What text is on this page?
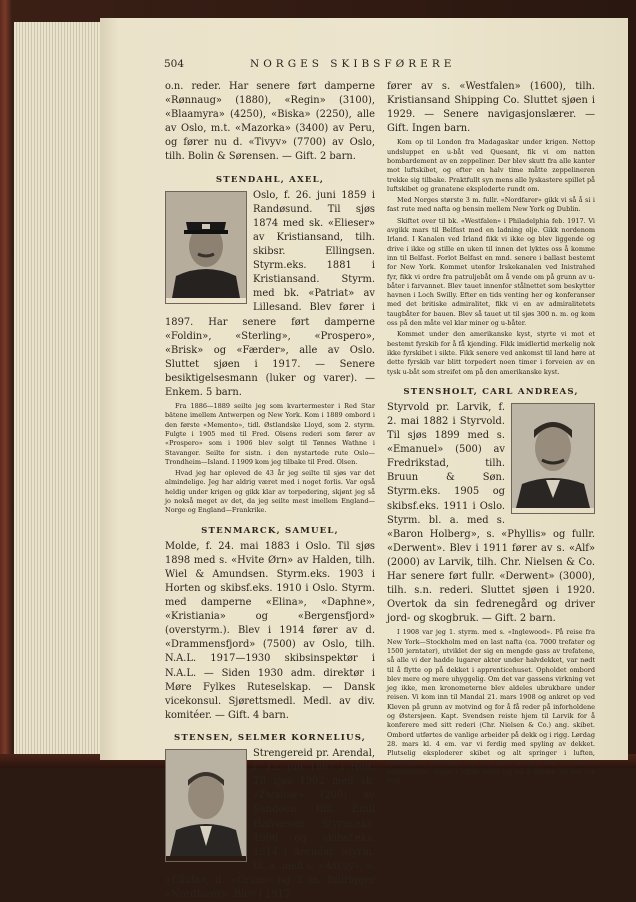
504	NORGES SKIBSFØRERE

o.n. reder. Har senere ført damperne «Rønnaug» (1880), «Regin» (3100), «Blaamyra» (4250), «Biska» (2250), alle av Oslo, m.t. «Mazorka» (3400) av Peru, og fører nu d. «Tivyv» (7700) av Oslo, tilh. Bolin & Sørensen. — Gift. 2 barn.

STENDAHL, AXEL,

Oslo, f. 26. juni 1859 i Randøsund. Til sjøs 1874 med sk. «Elieser» av Kristiansand, tilh. skibsr. Ellingsen. Styrm.eks. 1881 i Kristiansand. Styrm. med bk. «Patriat» av Lillesand. Blev fører i 1897. Har senere ført damperne «Foldin», «Sterling», «Prospero», «Brisk» og «Færder», alle av Oslo. Sluttet sjøen i 1917. — Senere besiktigelsesmann (luker og varer). — Enkem. 5 barn.

Fra 1886—1889 seilte jeg som kvartermester i Red Star bätene imellem Antwerpen og New York. Kom i 1889 ombord i den første «Memento», tidl. Østlandske Lloyd, som 2. styrm. Fulgte i 1905 med til Fred. Olsens rederi som fører av «Prospero» som i 1906 blev solgt til Tønnes Wathne i Stavanger. Seilte for sistn. i den nystartede rute Oslo—Trondheim—Island. I 1909 kom jeg tilbake til Fred. Olsen.

Hvad jeg har opleved de 43 år jeg seilte til sjøs var det almindelige. Jeg har aldrig været med i noget forlis. Var også heldig under krigen og gikk klar av torpedering, skjønt jeg så jo nokså meget av det, da jeg seilte mest imellem England—Norge og England—Frankrike.

STENMARCK, SAMUEL,

Molde, f. 24. mai 1883 i Oslo. Til sjøs 1898 med s. «Hvite Ørn» av Halden, tilh. Wiel & Amundsen. Styrm.eks. 1903 i Horten og skibsf.eks. 1910 i Oslo. Styrm. med damperne «Elina», «Daphne», «Kristiania» og «Bergensfjord» (overstyrm.). Blev i 1914 fører av d. «Drammensfjord» (7500) av Oslo, tilh. N.A.L. 1917—1930 skibsinspektør i N.A.L. — Siden 1930 adm. direktør i Møre Fylkes Ruteselskap. — Dansk vicekonsul. Sjørettsmedl. Medl. av div. komitéer. — Gift. 4 barn.

STENSEN, SELMER KORNELIUS,

Strengereid pr. Arendal, f. 12. juli 1887 i Holt. Til sjøs 1902 med sk. «Zwalow» (200) av Sandøen, tilh. Emil Halvorsen. Styrm.eks. 1906 og skibsf.eks. 1914 i Arendal. Styrm. bl. a. med s. «Askøy», s. «Ellida», d. «Orion» og 3 m. fullrigger «Nordfarer». Blev i 1917

fører av s. «Westfalen» (1600), tilh. Kristiansand Shipping Co. Sluttet sjøen i 1929. — Senere navigasjonslærer. — Gift. Ingen barn.

Kom op til London fra Madagaskar under krigen. Nettop undsluppet en u-båt ved Quesant, fik vi om natten bombardement av en zeppeliner. Der blev skutt fra alle kanter mot luftskibet, og efter en halv time måtte zeppelineren trekke sig tilbake. Praktfullt syn mens alle lyskastere spillet på luftskibet og granatene eksploderte rundt om.

Med Norges største 3 m. fullr. «Nordfarer» gikk vi så å si i fast rute med nafta og bensin mellem New York og Dublin.

Skiftet over til bk. «Westfalen» i Philadelphia feb. 1917. Vi avgikk mars til Belfast med en ladning olje. Gikk nordenom Irland. I Kanalen ved Irland fikk vi ikke og blev liggende og drive i ikke og stille en uken til innen det lyktes oss å komme inn til Belfast. Forlot Belfast en mnd. senere i ballast bestemt for New York. Kommet utenfor Irskekanalen ved Inistrahed fyr, fikk vi ordre fra patruljebåt om å vende om på grunn av u-båter i farvannet. Blev tauet innenfor stålnettet som beskytter havnen i Loch Swilly. Efter en tids venting her og konferanser med det britiske admiralitet, fikk vi en av admiralitetets taugbåter for bauen. Blev så tauet ut til sjøs 300 n. m. og kom oss på den måte vel klar miner og u-båter.

Kommet under den amerikanske kyst, styrte vi mot et bestemt fyrskib for å få kjending. Fikk imidlertid merkelig nok ikke fyrskibet i sikte. Fikk senere ved ankomst til land høre at dette fyrskib var blitt torpedert noen timer i forveien av en tysk u-båt som streifet om på den amerikanske kyst.

STENSHOLT, CARL ANDREAS,

Styrvold pr. Larvik, f. 2. mai 1882 i Styrvold. Til sjøs 1899 med s. «Emanuel» (500) av Fredrikstad, tilh. Bruun & Søn. Styrm.eks. 1905 og skibsf.eks. 1911 i Oslo. Styrm. bl. a. med s. «Baron Holberg», s. «Phyllis» og fullr. «Derwent». Blev i 1911 fører av s. «Alf» (2000) av Larvik, tilh. Chr. Nielsen & Co. Har senere ført fullr. «Derwent» (3000), tilh. s.n. rederi. Sluttet sjøen i 1920. Overtok da sin fedrenegård og driver jord- og skogbruk. — Gift. 2 barn.

I 1908 var jeg 1. styrm. med s. «Inglewood». På reise fra New York—Stockholm med en last nafta (ca. 7000 trefater og 1500 jerntater), utviklet der sig en mengde gass av trefatene, så alle vi der hadde lugarer akter under halvdekket, var nødt til å flytte op på dekket i apprenticehuset. Opholdet ombord blev mere og mere uhyggelig. Om det var gassens virkning vet jeg ikke, men kronometerne blev aldeles ubrukbare under reisen. Vi kom inn til Mandal 21. mars 1908 og ankret op ved Kleven på grunn av motvind og for å få reder på inforholdene og Østersjøen. Kapt. Svendsen reiste hjem til Larvik for å konferere med sitt rederi (Chr. Nielsen & Co.) ang. skibet. Ombord utførtes de vanlige arbeider på dekk og i rigg. Lørdag 28. mars kl. 4 em. var vi ferdig med spyling av dekket. Plutselig eksploderer skibet og alt springer i luften, idflammene omringer alt. Jeg blev slynget høit til værs i flammehavet. Oppe i luften holdt jeg på å kveles, og det var fryk-
